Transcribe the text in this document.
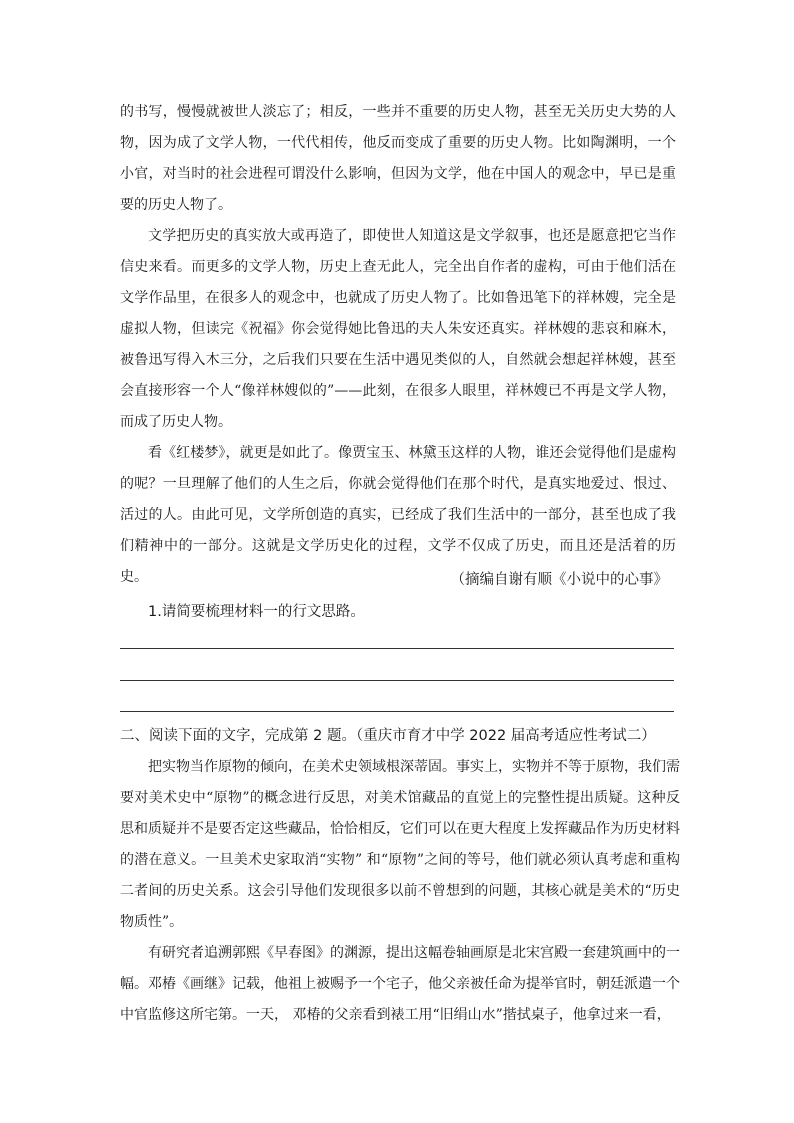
的书写，慢慢就被世人淡忘了；相反，一些并不重要的历史人物，甚至无关历史大势的人物，因为成了文学人物，一代代相传，他反而变成了重要的历史人物。比如陶渊明，一个小官，对当时的社会进程可谓没什么影响，但因为文学，他在中国人的观念中，早已是重要的历史人物了。

文学把历史的真实放大或再造了，即使世人知道这是文学叙事，也还是愿意把它当作信史来看。而更多的文学人物，历史上查无此人，完全出自作者的虚构，可由于他们活在文学作品里，在很多人的观念中，也就成了历史人物了。比如鲁迅笔下的祥林嫂，完全是虚拟人物，但读完《祝福》你会觉得她比鲁迅的夫人朱安还真实。祥林嫂的悲哀和麻木，被鲁迅写得入木三分，之后我们只要在生活中遇见类似的人，自然就会想起祥林嫂，甚至会直接形容一个人“像祥林嫂似的”——此刻，在很多人眼里，祥林嫂已不再是文学人物，而成了历史人物。

看《红楼梦》，就更是如此了。像贾宝玉、林黛玉这样的人物，谁还会觉得他们是虚构的呢？一旦理解了他们的人生之后，你就会觉得他们在那个时代，是真实地爱过、恨过、活过的人。由此可见，文学所创造的真实，已经成了我们生活中的一部分，甚至也成了我们精神中的一部分。这就是文学历史化的过程，文学不仅成了历史，而且还是活着的历史。	（摘编自谢有顺《小说中的心事》

1.请简要梳理材料一的行文思路。

二、阅读下面的文字，完成第 2 题。（重庆市育才中学 2022 届高考适应性考试二）

把实物当作原物的倾向，在美术史领域根深蒂固。事实上，实物并不等于原物，我们需要对美术史中“原物”的概念进行反思，对美术馆藏品的直觉上的完整性提出质疑。这种反思和质疑并不是要否定这些藏品，恰恰相反，它们可以在更大程度上发挥藏品作为历史材料的潜在意义。一旦美术史家取消“实物” 和“原物”之间的等号，他们就必须认真考虑和重构二者间的历史关系。这会引导他们发现很多以前不曾想到的问题，其核心就是美术的“历史物质性”。

有研究者追溯郭熙《早春图》的渊源，提出这幅卷轴画原是北宋宫殿一套建筑画中的一幅。邓椿《画继》记载，他祖上被赐予一个宅子，他父亲被任命为提举官时，朝廷派遣一个中官监修这所宅第。一天， 邓椿的父亲看到裱工用“旧绢山水”揩拭桌子，他拿过来一看，
